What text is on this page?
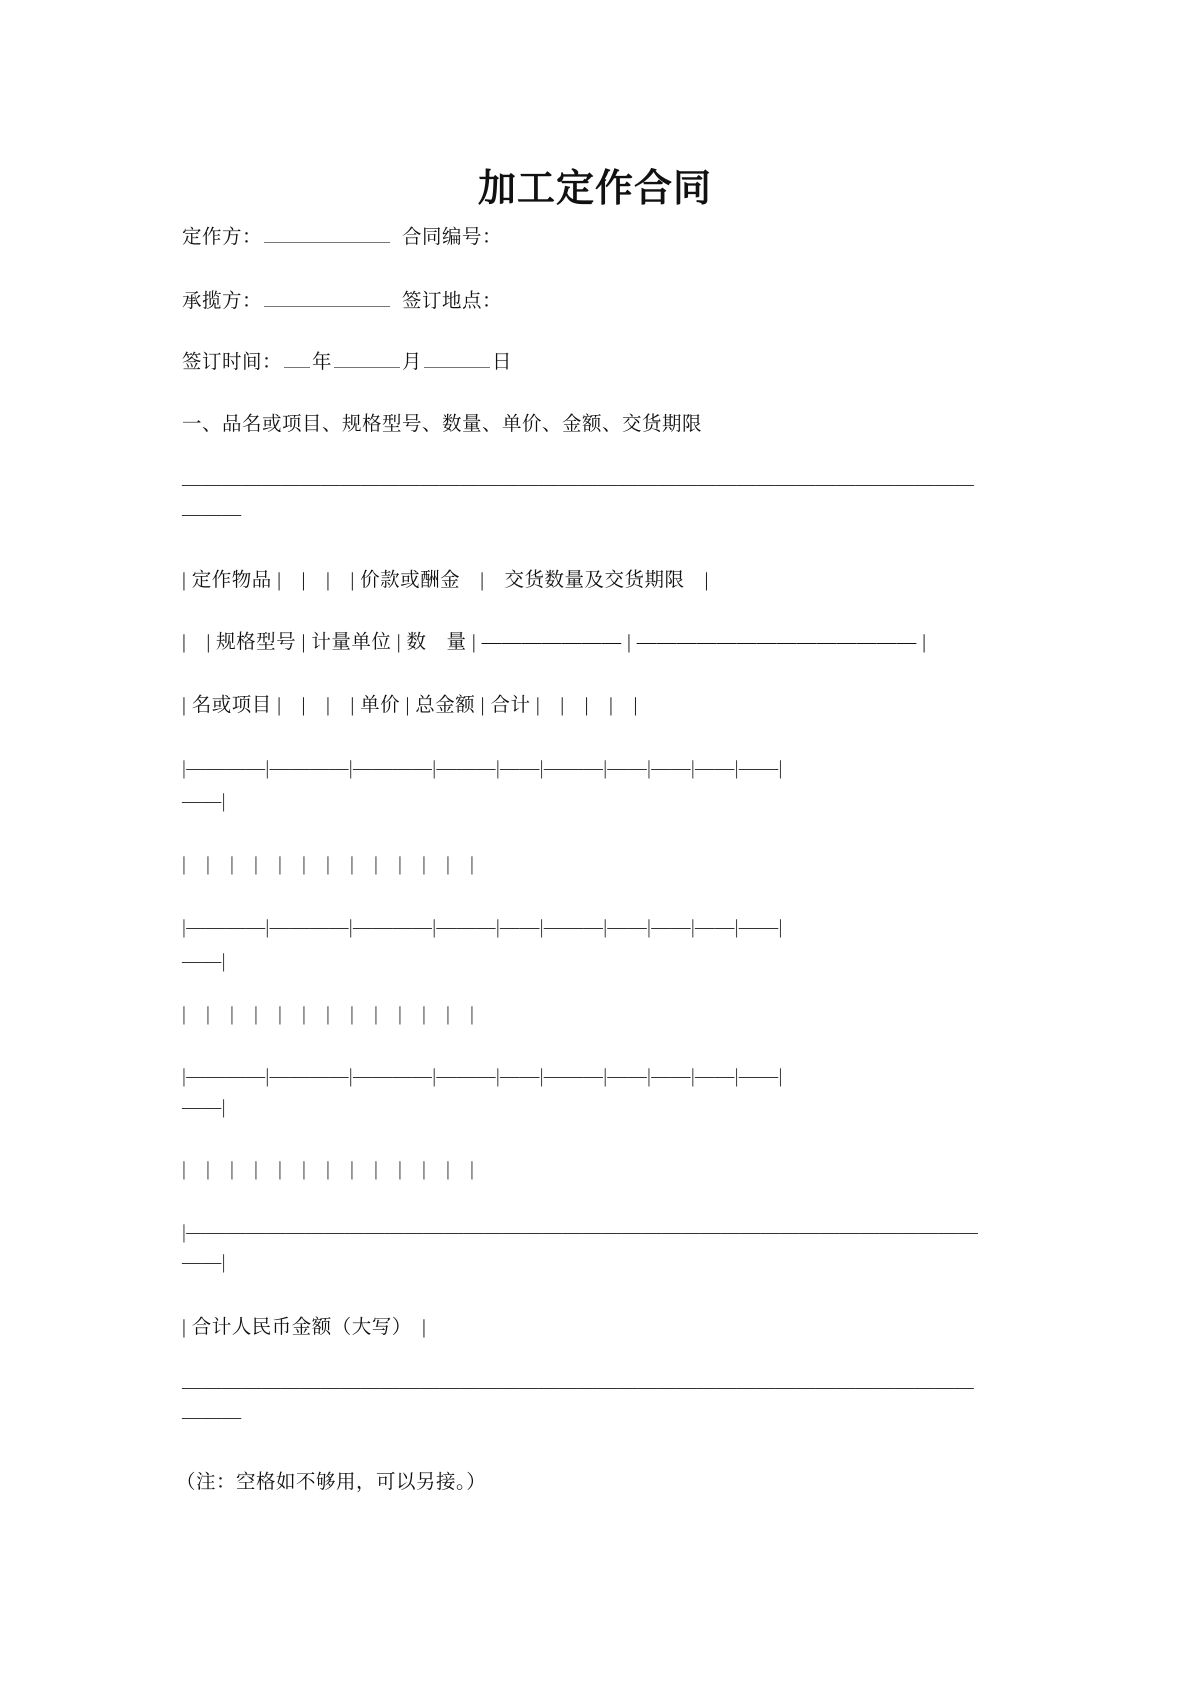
加工定作合同
定作方：	合同编号：
承揽方：	签订地点：
签订时间： 年	月	日
一、品名或项目、规格型号、数量、单价、金额、交货期限
————————————————————————————————————————
———
| 定作物品 |　|　|　| 价款或酬金　|　交货数量及交货期限　|
|　| 规格型号 | 计量单位 | 数　量 | ——————— | —————————————— |
| 名或项目 |　|　|　| 单价 | 总金额 | 合计 |　|　|　|　|
|————|————|————|———|——|———|——|——|——|——|
——|
|　|　|　|　|　|　|　|　|　|　|　|　|
|————|————|————|———|——|———|——|——|——|——|
——|
|　|　|　|　|　|　|　|　|　|　|　|　|
|————|————|————|———|——|———|——|——|——|——|
——|
|　|　|　|　|　|　|　|　|　|　|　|　|
|————————————————————————————————————————
——|
| 合计人民币金额（大写）　|
————————————————————————————————————————
———
（注：空格如不够用，可以另接。）
